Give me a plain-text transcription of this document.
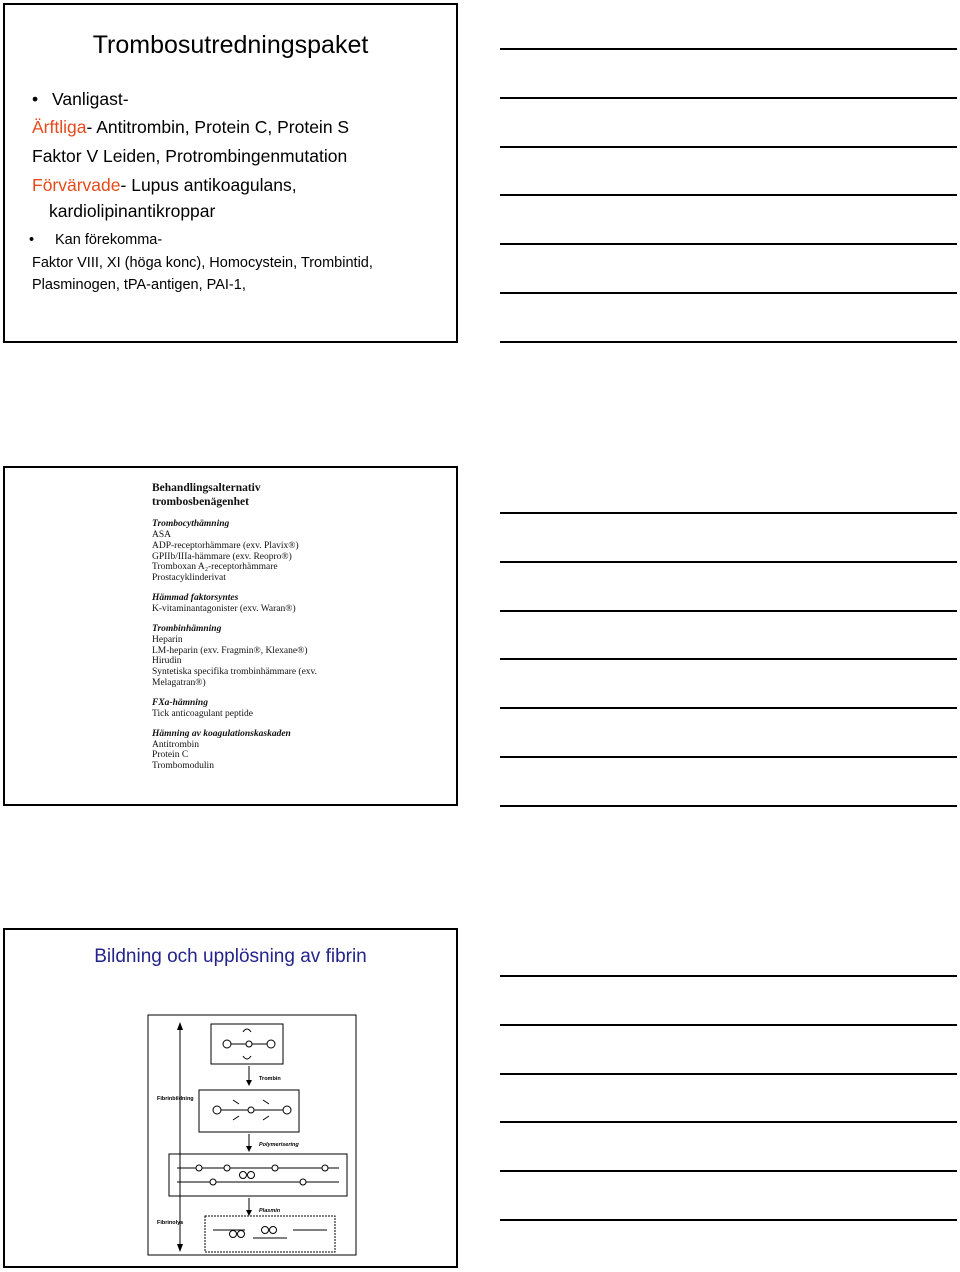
Trombosutredningspaket
• Vanligast-
Ärftliga- Antitrombin, Protein C, Protein S
Faktor V Leiden, Protrombingenmutation
Förvärvade- Lupus antikoagulans,
kardiolipinantikroppar
• Kan förekomma-
Faktor VIII, XI (höga konc), Homocystein, Trombintid,
Plasminogen, tPA-antigen, PAI-1,
Behandlingsalternativ
trombosbenägenhet
Trombocythämning
ASA
ADP-receptorhämmare (exv. Plavix®)
GPIIb/IIIa-hämmare (exv. Reopro®)
Tromboxan A₂-receptorhämmare
Prostacyklinderivat
Hämmad faktorsyntes
K-vitaminantagonister (exv. Waran®)
Trombinhämning
Heparin
LM-heparin (exv. Fragmin®, Klexane®)
Hirudin
Syntetiska specifika trombinhämmare (exv.
Melagatran®)
FXa-hämning
Tick anticoagulant peptide
Hämning av koagulationskaskaden
Antitrombin
Protein C
Trombomodulin
Bildning och upplösning av fibrin
Trombin
Fibrinbildning
Polymerisering
Plasmin
Fibrinolys
